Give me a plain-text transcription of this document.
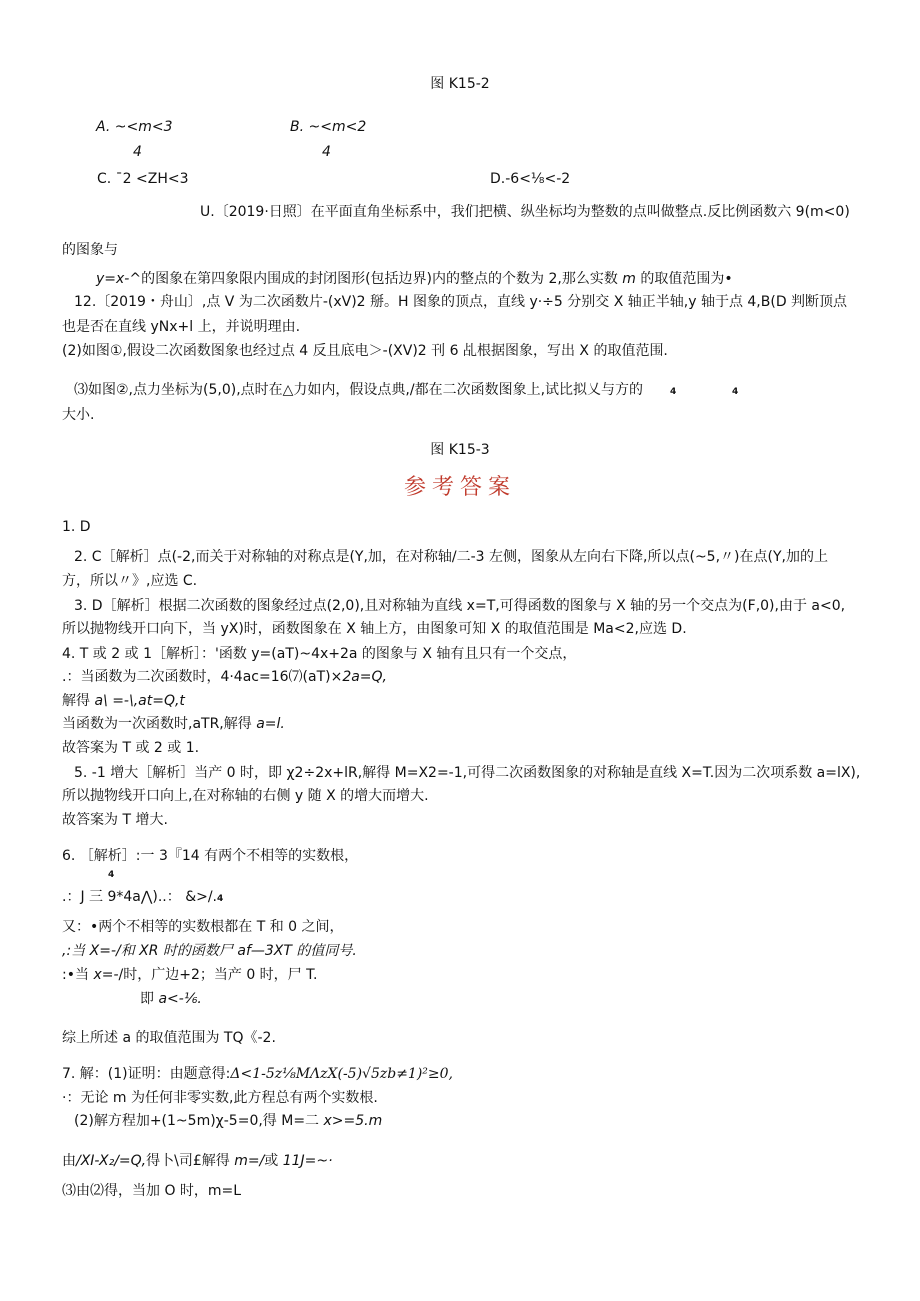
图 K15-2
A. ~<m<3
4
B. ~<m<2
4
C. ˉ2 <ZH<3	D.-6<⅛<-2
U.〔2019·日照〕在平面直角坐标系中，我们把横、纵坐标均为整数的点叫做整点.反比例函数六 9(m<0)
的图象与
y=x-^的图象在第四象限内围成的封闭图形(包括边界)内的整点的个数为 2,那么实数 m 的取值范围为•
12.〔2019・舟山〕,点 V 为二次函数片-(xV)2 掰。H 图象的顶点，直线 y·÷5 分别交 X 轴正半轴,y 轴于点 4,B(D 判断顶点
也是否在直线 yNx+l 上，并说明理由.
(2)如图①,假设二次函数图象也经过点 4 反且底电＞-(XV)2 刊 6 乩根据图象，写出 X 的取值范围.
⑶如图②,点力坐标为(5,0),点时在△力如内，假设点典,/都在二次函数图象上,试比拟乂与方的	4	4
大小.
图 K15-3
参考答案
1. D
2. C［解析］点(-2,而关于对称轴的对称点是(Y,加，在对称轴/二-3 左侧，图象从左向右下降,所以点(~5,〃)在点(Y,加的上
方，所以〃》,应选 C.
3. D［解析］根据二次函数的图象经过点(2,0),且对称轴为直线 x=T,可得函数的图象与 X 轴的另一个交点为(F,0),由于 a<0,
所以抛物线开口向下，当 yX)时，函数图象在 X 轴上方，由图象可知 X 的取值范围是 Ma<2,应选 D.
4. T 或 2 或 1［解析］：'函数 y=(aT)~4x+2a 的图象与 X 轴有且只有一个交点，
.：当函数为二次函数时，4·4ac=16⑺(aT)×2a=Q,
解得 a\ =-\,at=Q,t
当函数为一次函数时,aTR,解得 a=l.
故答案为 T 或 2 或 1.
5. -1 增大［解析］当产 0 时，即 χ2÷2x+lR,解得 M=X2=-1,可得二次函数图象的对称轴是直线 X=T.因为二次项系数 a=lX),
所以抛物线开口向上,在对称轴的右侧 y 随 X 的增大而增大.
故答案为 T 增大.
6. ［解析］:一 3『14 有两个不相等的实数根，
4
.：J 三 9*4a⋀)..： &>/.4
又：•两个不相等的实数根都在 T 和 0 之间，
,:当 X=-/和 XR 时的函数尸 af—3XT 的值同号.
:•当 x=-/时，广边+2；当产 0 时，尸 T.
即 a<-⅙.
综上所述 a 的取值范围为 TQ《-2.
7. 解：(1)证明：由题意得:Δ<1-5z⅛MΛzX(-5)√5zb≠1)²≥0,
·：无论 m 为任何非零实数,此方程总有两个实数根.
(2)解方程加+(1~5m)χ-5=0,得 M=二 x>=5.m
由∕XI-X₂∕=Q,得卜\司£解得 m=/或 11J=~·
⑶由⑵得，当加 O 时，m=L
